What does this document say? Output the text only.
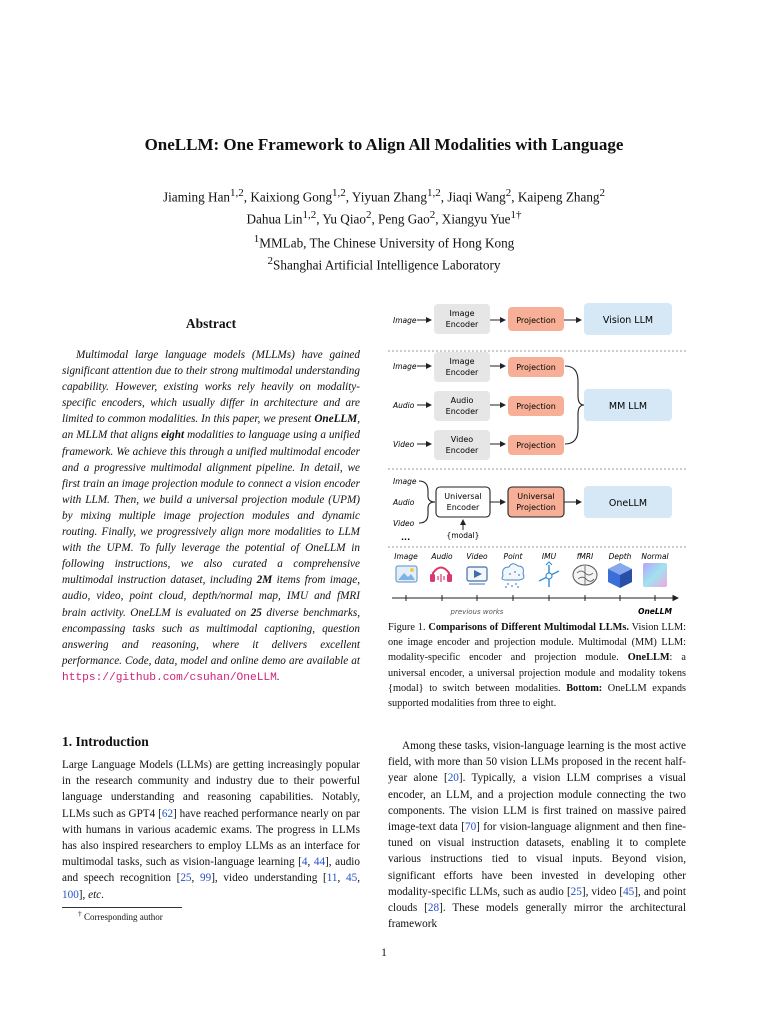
OneLLM: One Framework to Align All Modalities with Language
Jiaming Han$^{1,2}$, Kaixiong Gong$^{1,2}$, Yiyuan Zhang$^{1,2}$, Jiaqi Wang$^2$, Kaipeng Zhang$^2$
Dahua Lin$^{1,2}$, Yu Qiao$^2$, Peng Gao$^2$, Xiangyu Yue$^{1\dagger}$
$^1$MMLab, The Chinese University of Hong Kong
$^2$Shanghai Artificial Intelligence Laboratory
Abstract
Multimodal large language models (MLLMs) have gained significant attention due to their strong multimodal understanding capability. However, existing works rely heavily on modality-specific encoders, which usually differ in architecture and are limited to common modalities. In this paper, we present OneLLM, an MLLM that aligns eight modalities to language using a unified framework. We achieve this through a unified multimodal encoder and a progressive multimodal alignment pipeline. In detail, we first train an image projection module to connect a vision encoder with LLM. Then, we build a universal projection module (UPM) by mixing multiple image projection modules and dynamic routing. Finally, we progressively align more modalities to LLM with the UPM. To fully leverage the potential of OneLLM in following instructions, we also curated a comprehensive multimodal instruction dataset, including 2M items from image, audio, video, point cloud, depth/normal map, IMU and fMRI brain activity. OneLLM is evaluated on 25 diverse benchmarks, encompassing tasks such as multimodal captioning, question answering and reasoning, where it delivers excellent performance. Code, data, model and online demo are available at https://github.com/csuhan/OneLLM.
Image
Image
Encoder	Projection	Vision LLM
Image
Image
Encoder
Projection
Audio
Audio
Encoder
Projection
Video
Video
Encoder
Projection
MM LLM
Image
Audio
Video
...
Universal
Encoder
Universal
Projection	OneLLM
{modal}
Image Audio Video Point	IMU	fMRI Depth Normal
previous works	OneLLM
Figure 1. Comparisons of Different Multimodal LLMs. Vision LLM: one image encoder and projection module. Multimodal (MM) LLM: modality-specific encoder and projection module. OneLLM: a universal encoder, a universal projection module and modality tokens {modal} to switch between modalities. Bottom: OneLLM expands supported modalities from three to eight.
1. Introduction
Large Language Models (LLMs) are getting increasingly popular in the research community and industry due to their powerful language understanding and reasoning capabilities. Notably, LLMs such as GPT4 [62] have reached performance nearly on par with humans in various academic exams. The progress in LLMs has also inspired researchers to employ LLMs as an interface for multimodal tasks, such as vision-language learning [4, 44], audio and speech recognition [25, 99], video understanding [11, 45, 100], etc.
Among these tasks, vision-language learning is the most active field, with more than 50 vision LLMs proposed in the recent half-year alone [20]. Typically, a vision LLM comprises a visual encoder, an LLM, and a projection module connecting the two components. The vision LLM is first trained on massive paired image-text data [70] for vision-language alignment and then fine-tuned on visual instruction datasets, enabling it to complete various instructions tied to visual inputs. Beyond vision, significant efforts have been invested in developing other modality-specific LLMs, such as audio [25], video [45], and point clouds [28]. These models generally mirror the architectural framework
† Corresponding author
1
